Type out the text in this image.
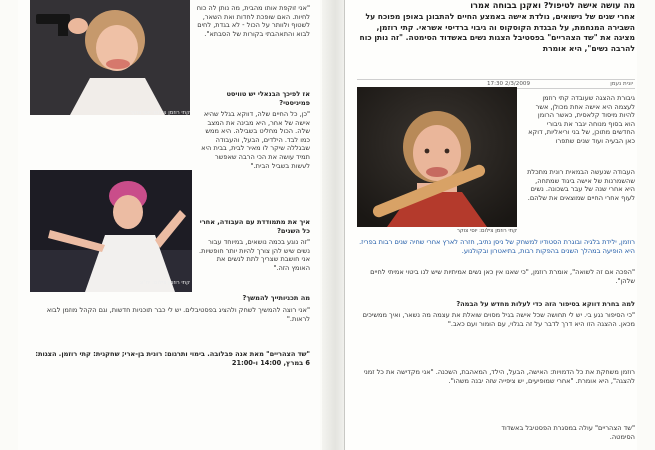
מה עושה אישה לטיפול? ואקנן בבוחה אמרו
אחרי שנים של נישואים, נולדת אישה באמצע החיים להתבונן באופן מפוכח על השבירה המנחמת, על הבגדת הקוסקוס וה גיבוי ברדיסי אשראי. קתי רוזמן, מציגה את "שד הצהריים" בפסטיבל הצגות נשים באשדוד הסימטה. "זה נותן כוח להרבה נשים", היא אומרת
17:30 2/3/2009	יונית נעמן
גיבורת ההצגה שעובדה קתי רוזמן לעצמה היא אישה אחת מכולן, אשר להיות מיסוד קלאסית, כאשר הרומן הוא בסוף מנוחה יגבר את גיבורי החדשים מתוכן, של בני וריאליות, דוקא כאן הבעיה ועוד שנים שתפרו
העבודה שנעשה הבמאית רונית מתכלת שהשמרנות של אישה ביגוד שמתחה, היא אחרי שנה של עבר בשכונה. נשים לעוף אחרי החיים שמוצאים את שלהם.
קתי רוזמן צילום: יוסי צוקר
רוזמן, ילידת בלגיה ובוגרת הסטודיו למשחק של ניסן נתיב, חזרה לארץ אחרי שחיה שנים רבות בפריז. היא הופיעה במהלך השנים בהפקות רבות, בתיאטרון ובקולנוע.
"הפכה אם זה לשואה", אומרת רוזמן, "כי שאנו אין כאן נשים אמיתיות שיש לנו ביטוי אמיתי לחיים שלהן".
למה בחרת דווקא בסיפור הזה כדי לעלות מחדש על הבמה?
"כי הסיפור נגע בי. יש לי תחושה שכל אישה בגיל מסוים שואלת את עצמה מה נשאר, ואיך ממשיכים מכאן. ההצגה הזו היא דרך לדבר על זה בגלוי, עם הומור ועם כאב."
רוזמן משחקת את כל הדמויות: האישה, הבעל, הילד, המאהבת, השכנה. "אני מקדישה את כל זמני להצגה", היא אומרת. "אחרי שמופיעים, יש ציפייה שזה יבנה משהו".
"שד הצהריים" עולה במסגרת הפסטיבל באשדוד הסימטה.
קתי רוזמן צילום: יוסי צוקר
"אני זוקפת אותו מהבית, מה נותן לה כוח לחיות. האם שופכת לחדות ואת השאר, לשטוף ולוותר על הכול - לא בגדת, לחים לבוא והתאהבתי בקורות של הסבתא".
אז לפיכך הבנאלי יש טוויסט פמיניסטי?
"כן, כל החיים שלה, דווקא בגלל שהיא אישה של אחר, היא מבינה את המצב שלה. הכול מחליט בשבילה. היא ממש כמו לבד. הילדים, הבעל, והעבודה שבגללה שיקר לו מאיר לבית, בבית היא תמיד עושה את הכי הרבה שאפשר לעשות בשביל הבית."
קתי רוזמן צילום: יח"צ
איך את מתמודדת עם העבודה, אחרי כל השנים?
"זה נוגע בכמה נושאים, במיוחד עבור נשים שיש להן צורך להיות יותר חופשיות. אני חושבת שצריך לתת לנשים את האומץ הזה."
מה תכניותייך להמשך?
"אני רוצה להמשיך לשחק ולהציג בפסטיבלים. יש לי כבר תוכניות חדשות, וגם הקהל מוזמן לבוא לראות."
"שד הצהריים" מאת אנה פבלובה. בימוי ותרגום: רונית בן-ארי; שחקנית: קתי רוזמן. הצגות: 6 במרץ, 14:00 ו-21:00
